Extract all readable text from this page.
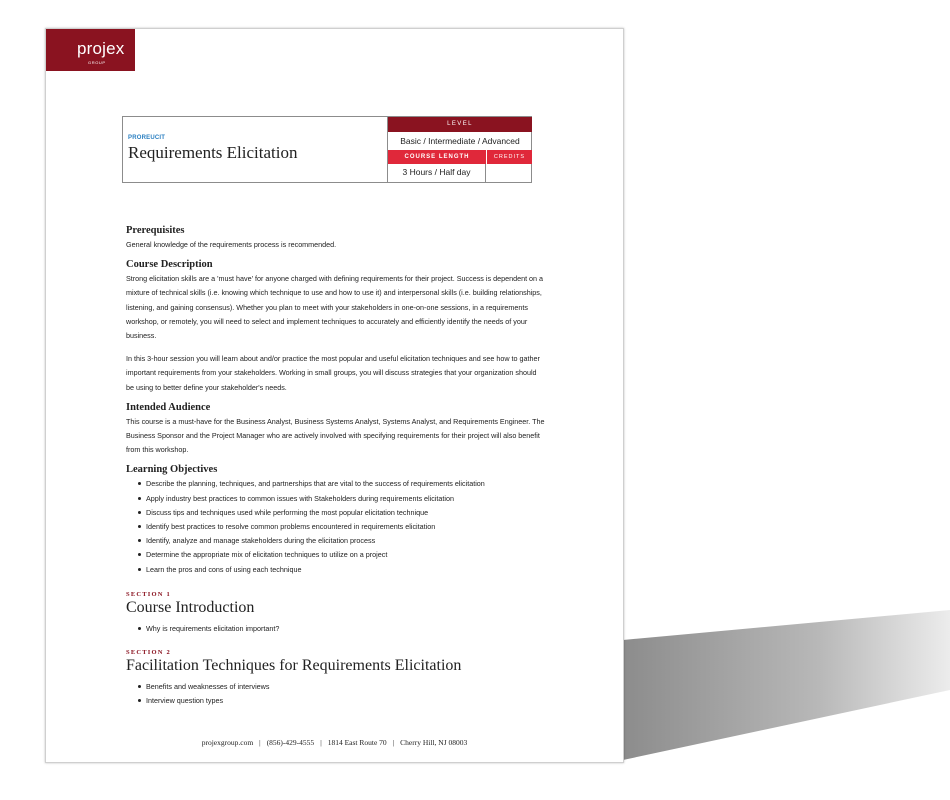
projex
GROUP
PROREUCIT
Requirements Elicitation
LEVEL
Basic / Intermediate / Advanced
COURSE LENGTH	CREDITS
3 Hours / Half day
Prerequisites

General knowledge of the requirements process is recommended.

Course Description

Strong elicitation skills are a 'must have' for anyone charged with defining requirements for their project. Success is dependent on a mixture of technical skills (i.e. knowing which technique to use and how to use it) and interpersonal skills (i.e. building relationships, listening, and gaining consensus). Whether you plan to meet with your stakeholders in one-on-one sessions, in a requirements workshop, or remotely, you will need to select and implement techniques to accurately and efficiently identify the needs of your business.

In this 3-hour session you will learn about and/or practice the most popular and useful elicitation techniques and see how to gather important requirements from your stakeholders. Working in small groups, you will discuss strategies that your organization should be using to better define your stakeholder's needs.

Intended Audience

This course is a must-have for the Business Analyst, Business Systems Analyst, Systems Analyst, and Requirements Engineer. The Business Sponsor and the Project Manager who are actively involved with specifying requirements for their project will also benefit from this workshop.

Learning Objectives
Describe the planning, techniques, and partnerships that are vital to the success of requirements elicitation
Apply industry best practices to common issues with Stakeholders during requirements elicitation
Discuss tips and techniques used while performing the most popular elicitation technique
Identify best practices to resolve common problems encountered in requirements elicitation
Identify, analyze and manage stakeholders during the elicitation process
Determine the appropriate mix of elicitation techniques to utilize on a project
Learn the pros and cons of using each technique
SECTION 1
Course Introduction
Why is requirements elicitation important?
SECTION 2
Facilitation Techniques for Requirements Elicitation
Benefits and weaknesses of interviews
Interview question types
projexgroup.com | (856)-429-4555 | 1814 East Route 70 | Cherry Hill, NJ 08003
